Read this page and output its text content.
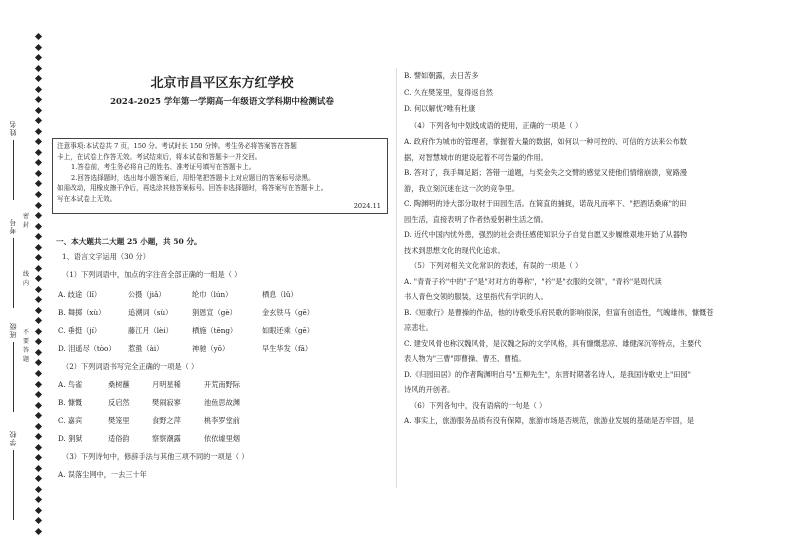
姓名
考号
班级
学校
密
封
线
内
不
要
答
题
北京市昌平区东方红学校
2024-2025 学年第一学期高一年级语文学科期中检测试卷

注意事项:本试卷共 7 页，150 分。考试时长 150 分钟。考生务必将答案答在答题

卡上，在试卷上作答无效。考试结束后，将本试卷和答题卡一并交回。

1.答卷前，考生务必将自己的姓名、准考证号填写在答题卡上。

2.回答选择题时，选出每小题答案后，用铅笔把答题卡上对应题目的答案标号涂黑。

如需改动，用橡皮擦干净后，再选涂其他答案标号。回答非选择题时，将答案写在答题卡上。

写在本试卷上无效。

2024.11
一、本大题共二大题 25 小题，共 50 分。
1、语言文字运用（30 分）
（1）下列词语中，加点的字注音全部正确的一组是（ ）
A. 歧途（lǐ）	公摄（jiǎ）	纶巾（lún）	栖息（lǔ）
B. 舞掷（xù）	追溯词（sù）	狷恩宣（gè）	金玄铁马（gē）
C. 垂挺（jí）	藤江月（lèi）	栖施（tēng）	如眼还乘（gē）
D. 泪遥尽（tòo） 惹蛩（ài）	神驰（yō）	早生华发（fā）
（2）下列词语书写完全正确的一项是（ ）
A. 鸟雀	桑树蘸	月明星稀	开荒南野际
B. 慷慨	反启然	樊闹寂寥	池鱼思故渊
C. 嘉宾	樊笼里	食野之萍	桃李罗堂前
D. 狷狱	适俗韵	察察潮露	依依墟里烟
（3）下列诗句中，修辞手法与其他三项不同的一项是（ ）
A. 误落尘网中，一去三十年

B. 譬如朝露，去日苦多

C. 久在樊笼里，复得返自然

D. 何以解忧?唯有杜康

（4）下列各句中划线成语的使用，正确的一项是（ ）

A. 政府作为城市的管理者，掌握着大量的数据，如何以一种可控的、可信的方法来公布数

据，对智慧城市的建设起着不可告量的作用。

B. 答对了，我手舞足蹈；答错一道题，与奖金失之交臂的感觉又使他们情绪崩溃，宽路漫

游，我立刻沉迷在这一次的竞争里。

C. 陶渊明的诗大部分取材于田园生活。在简直的捕捉，诺哉凡而率下、"把酒话桑麻"的田

园生活，直接表明了作者热爱躬耕生活之情。

D. 近代中国内忧外患，强烈的社会责任感使知识分子自觉自愿又步履维艰地开始了从器物

技术到思想文化的现代化追求。

（5）下列对相关文化常识的表述，有误的一项是（ ）

A. "青青子衿"中的"子"是"对对方的尊称"，"衿"是"衣服的交领"，"青衿"是周代读

书人青色交领的服装，这里指代有学识的人。

B.《短歌行》是曹操的作品，他的诗歌受乐府民歌的影响很深，但富有创造性，气魄雄伟，慷慨苍

凉悲壮。

C. 建安风骨也称汉魏风骨，是汉魏之际的文学风格，具有慷慨悲凉、雄健深沉等特点，主要代

表人物为"三曹"即曹操、曹丕、曹植。

D.《归园田居》的作者陶渊明自号"五柳先生"，东晋时期著名诗人，是我国诗歌史上"田园"

诗风的开创者。

（6）下列各句中，没有语病的一句是（ ）

A. 事实上，旅游服务品质有没有保障，旅游市场是否规范，旅游业发展的基础是否牢固，是
